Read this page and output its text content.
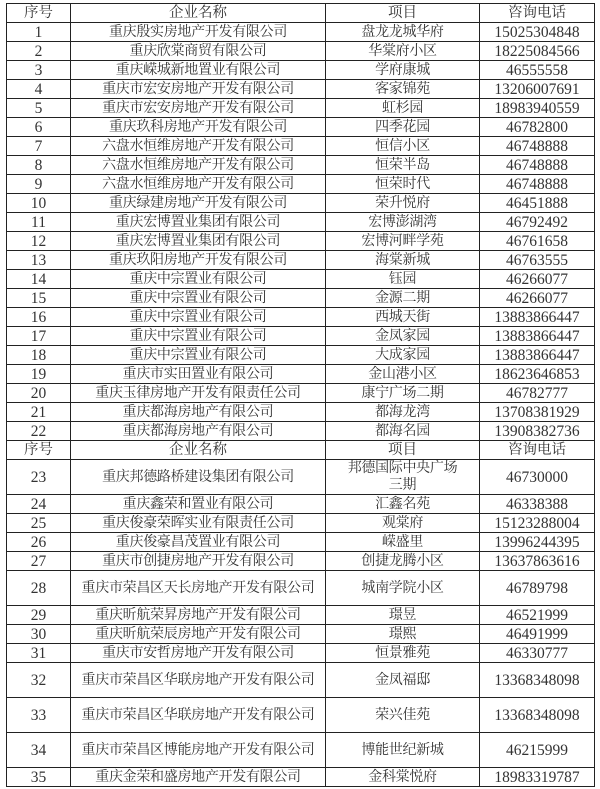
序号	企业名称	项目	咨询电话
1	重庆殷实房地产开发有限公司	盘龙龙城华府	15025304848
2	重庆欣棠商贸有限公司	华棠府小区	18225084566
3	重庆嵘城新地置业有限公司	学府康城	46555558
4	重庆市宏安房地产开发有限公司	客家锦苑	13206007691
5	重庆市宏安房地产开发有限公司	虹杉园	18983940559
6	重庆玖科房地产开发有限公司	四季花园	46782800
7	六盘水恒维房地产开发有限公司	恒信小区	46748888
8	六盘水恒维房地产开发有限公司	恒荣半岛	46748888
9	六盘水恒维房地产开发有限公司	恒荣时代	46748888
10	重庆绿建房地产开发有限公司	荣升悦府	46451888
11	重庆宏博置业集团有限公司	宏博澎湖湾	46792492
12	重庆宏博置业集团有限公司	宏博河畔学苑	46761658
13	重庆玖阳房地产开发有限公司	海棠新城	46763555
14	重庆中宗置业有限公司	钰园	46266077
15	重庆中宗置业有限公司	金源二期	46266077
16	重庆中宗置业有限公司	西城天街	13883866447
17	重庆中宗置业有限公司	金凤家园	13883866447
18	重庆中宗置业有限公司	大成家园	13883866447
19	重庆市实田置业有限公司	金山港小区	18623646853
20	重庆玉律房地产开发有限责任公司	康宁广场二期	46782777
21	重庆都海房地产有限公司	都海龙湾	13708381929
22	重庆都海房地产有限公司	都海名园	13908382736
序号	企业名称	项目	咨询电话
23	重庆邦德路桥建设集团有限公司	邦德国际中央广场三期	46730000
24	重庆鑫荣和置业有限公司	汇鑫名苑	46338388
25	重庆俊豪荣晖实业有限责任公司	观棠府	15123288004
26	重庆俊豪昌茂置业有限公司	嵘盛里	13996244395
27	重庆市创捷房地产开发有限公司	创捷龙腾小区	13637863616
28	重庆市荣昌区天长房地产开发有限公司	城南学院小区	46789798
29	重庆昕航荣昇房地产开发有限公司	璟昱	46521999
30	重庆昕航荣辰房地产开发有限公司	璟熙	46491999
31	重庆市安哲房地产开发有限公司	恒景雅苑	46330777
32	重庆市荣昌区华联房地产开发有限公司	金凤福邸	13368348098
33	重庆市荣昌区华联房地产开发有限公司	荣兴佳苑	13368348098
34	重庆市荣昌区博能房地产开发有限公司	博能世纪新城	46215999
35	重庆金荣和盛房地产开发有限公司	金科棠悦府	18983319787
